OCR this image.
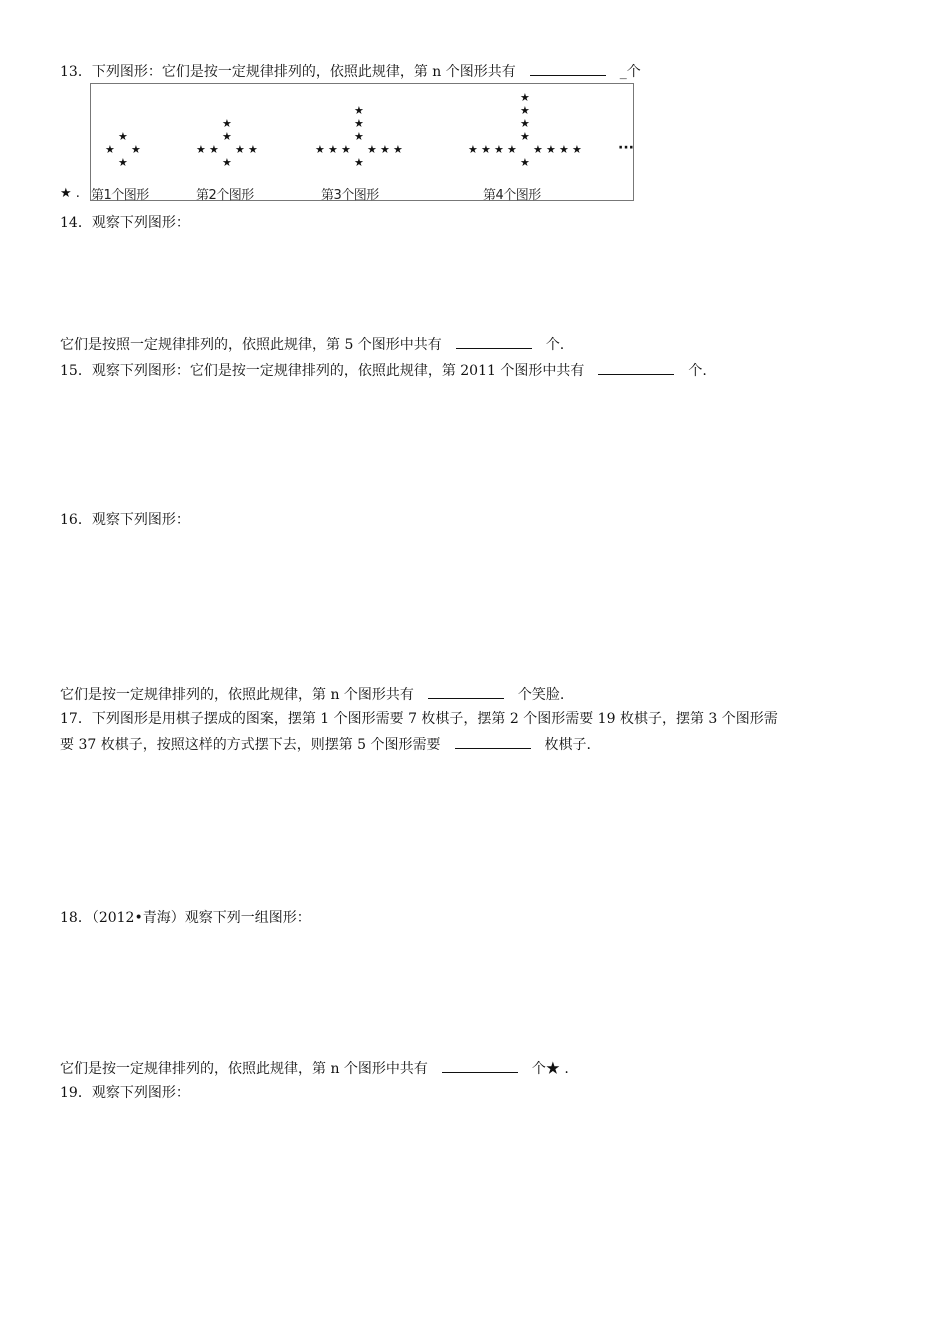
13．下列图形：它们是按一定规律排列的，依照此规律，第 n 个图形共有	_个
第1个图形	第2个图形	第3个图形	第4个图形
···
★
★ ★
★
★
★ ★
★
★	★
★
★
★ ★
★
★	★
★
★	★
★
★
★ ★
★
★	★
★
★	★
★
★	★
★
★ .
14．观察下列图形：
它们是按照一定规律排列的，依照此规律，第 5 个图形中共有	个.
15．观察下列图形：它们是按一定规律排列的，依照此规律，第 2011 个图形中共有	个.
16．观察下列图形：
它们是按一定规律排列的，依照此规律，第 n 个图形共有	个笑脸.
17．下列图形是用棋子摆成的图案，摆第 1 个图形需要 7 枚棋子，摆第 2 个图形需要 19 枚棋子，摆第 3 个图形需
要 37 枚棋子，按照这样的方式摆下去，则摆第 5 个图形需要	枚棋子.
18．（2012•青海）观察下列一组图形：
它们是按一定规律排列的，依照此规律，第 n 个图形中共有	个★ .
19．观察下列图形：
